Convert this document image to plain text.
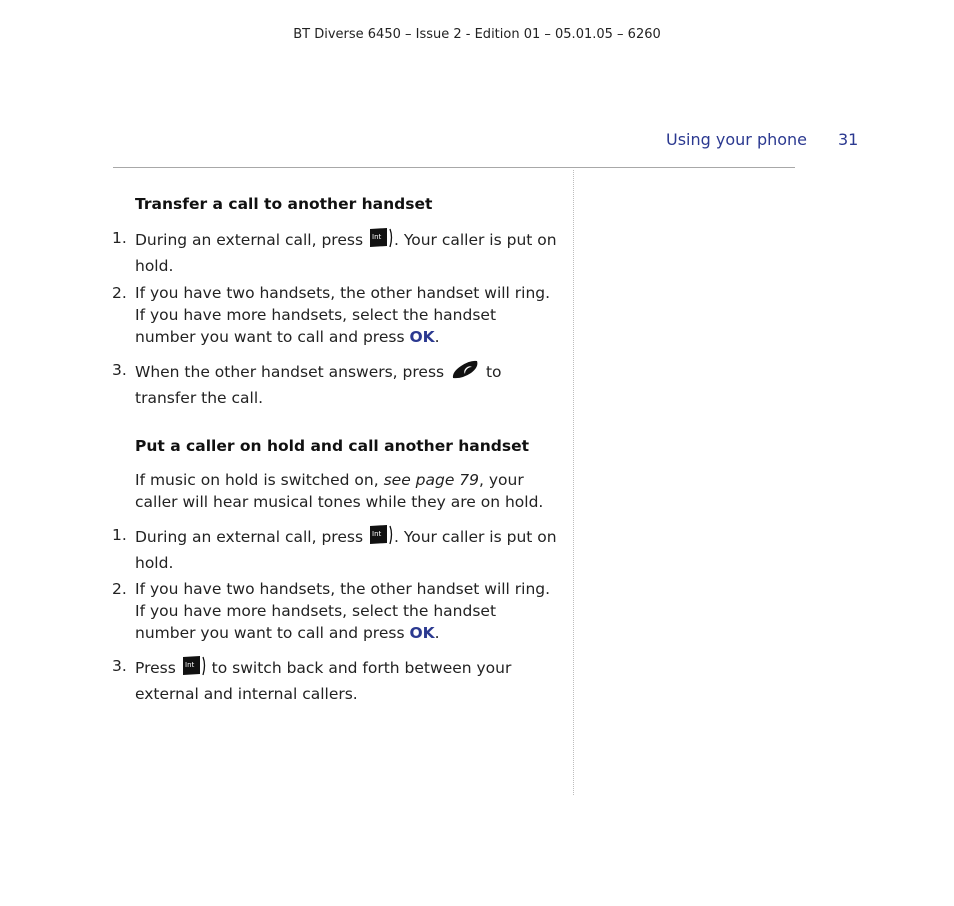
BT Diverse 6450 – Issue 2 - Edition 01 – 05.01.05 – 6260
Using your phone 31
Transfer a call to another handset
1. During an external call, press Int . Your caller is put on hold.
2. If you have two handsets, the other handset will ring. If you have more handsets, select the handset number you want to call and press OK.
3. When the other handset answers, press	to transfer the call.
Put a caller on hold and call another handset
If music on hold is switched on, see page 79, your caller will hear musical tones while they are on hold.
1. During an external call, press Int . Your caller is put on hold.
2. If you have two handsets, the other handset will ring. If you have more handsets, select the handset number you want to call and press OK.
3. Press Int to switch back and forth between your external and internal callers.
